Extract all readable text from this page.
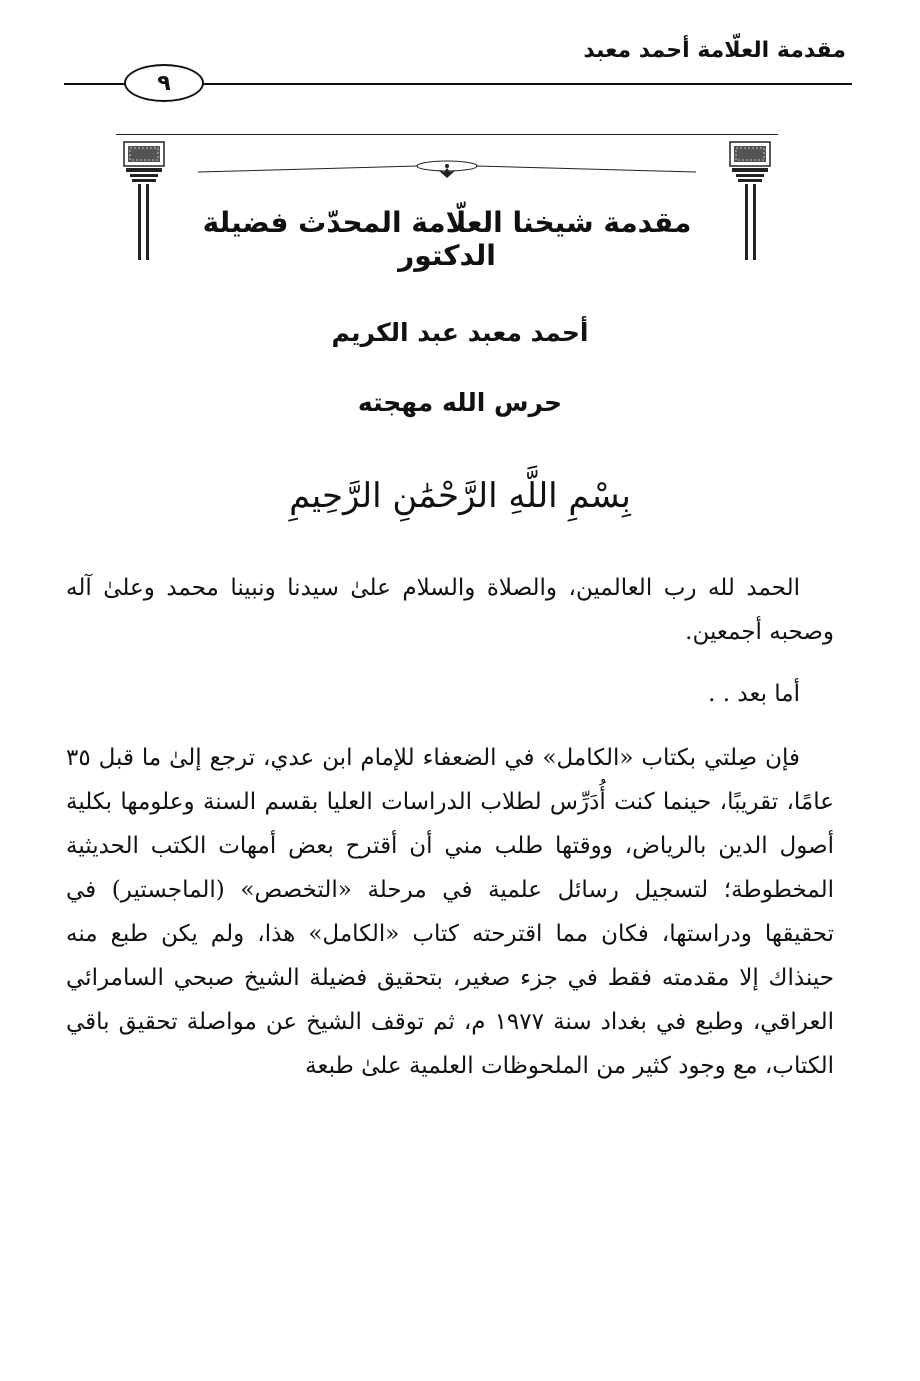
مقدمة العلّامة أحمد معبد
٩
مقدمة شيخنا العلّامة المحدّث فضيلة الدكتور
أحمد معبد عبد الكريم
حرس الله مهجته
بِسْمِ اللَّهِ الرَّحْمَٰنِ الرَّحِيمِ

الحمد لله رب العالمين، والصلاة والسلام علىٰ سيدنا ونبينا محمد وعلىٰ آله وصحبه أجمعين.

أما بعد . .

فإن صِلتي بكتاب «الكامل» في الضعفاء للإمام ابن عدي، ترجع إلىٰ ما قبل ٣٥ عامًا، تقريبًا، حينما كنت أُدَرِّس لطلاب الدراسات العليا بقسم السنة وعلومها بكلية أصول الدين بالرياض، ووقتها طلب مني أن أقترح بعض أمهات الكتب الحديثية المخطوطة؛ لتسجيل رسائل علمية في مرحلة «التخصص» (الماجستير) في تحقيقها ودراستها، فكان مما اقترحته كتاب «الكامل» هذا، ولم يكن طبع منه حينذاك إلا مقدمته فقط في جزء صغير، بتحقيق فضيلة الشيخ صبحي السامرائي العراقي، وطبع في بغداد سنة ١٩٧٧ م، ثم توقف الشيخ عن مواصلة تحقيق باقي الكتاب، مع وجود كثير من الملحوظات العلمية علىٰ طبعة
